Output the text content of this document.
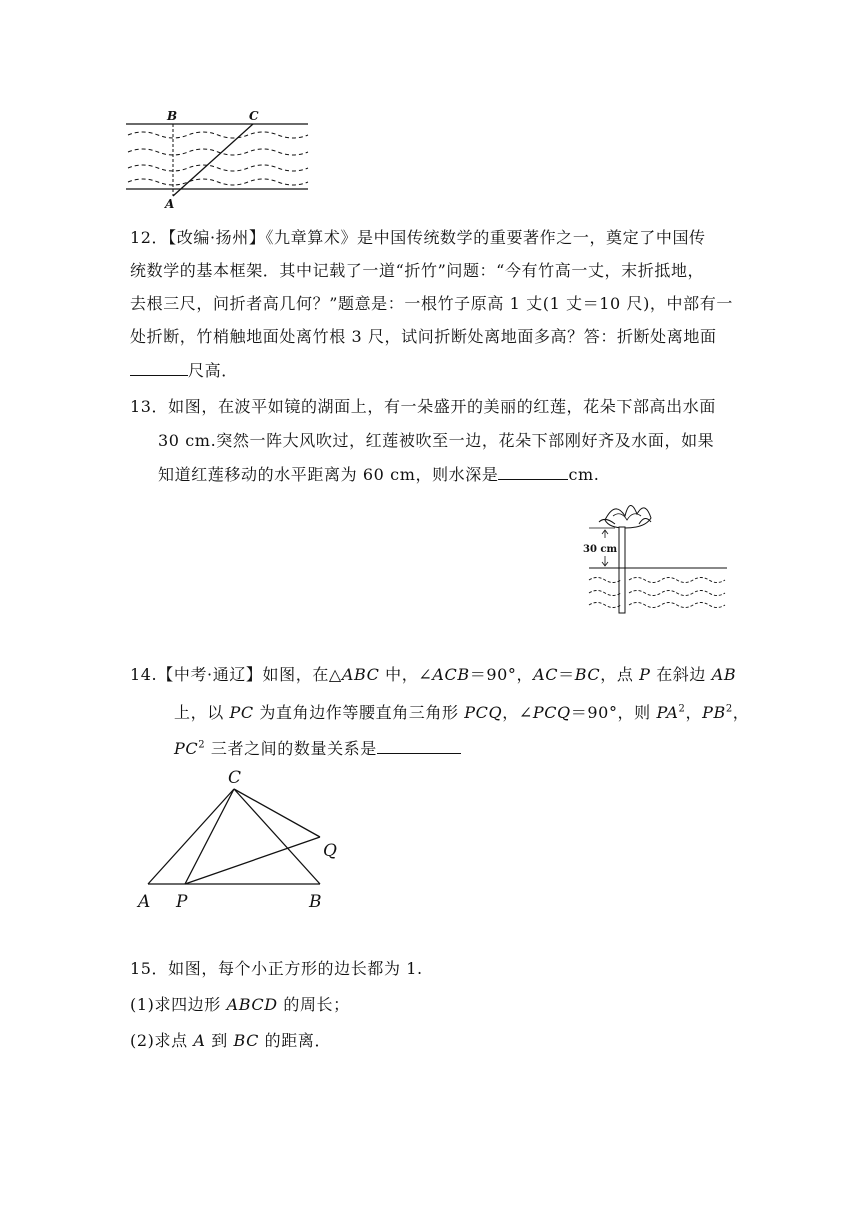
B	C
A
12．【改编·扬州】《九章算术》是中国传统数学的重要著作之一，奠定了中国传
统数学的基本框架．其中记载了一道“折竹”问题：“今有竹高一丈，末折抵地，
去根三尺，问折者高几何？”题意是：一根竹子原高 1 丈(1 丈＝10 尺)，中部有一
处折断，竹梢触地面处离竹根 3 尺，试问折断处离地面多高？答：折断处离地面
尺高．
13．如图，在波平如镜的湖面上，有一朵盛开的美丽的红莲，花朵下部高出水面
30 cm.突然一阵大风吹过，红莲被吹至一边，花朵下部刚好齐及水面，如果
知道红莲移动的水平距离为 60 cm，则水深是	cm.
30 cm
14.【中考·通辽】如图，在△ABC 中，∠ACB＝90°，AC＝BC，点 P 在斜边 AB
上，以 PC 为直角边作等腰直角三角形 PCQ，∠PCQ＝90°，则 $PA^2$，$PB^2$，
$PC^2$ 三者之间的数量关系是
C
Q
A P	B
15．如图，每个小正方形的边长都为 1.
(1)求四边形 ABCD 的周长；
(2)求点 A 到 BC 的距离．
